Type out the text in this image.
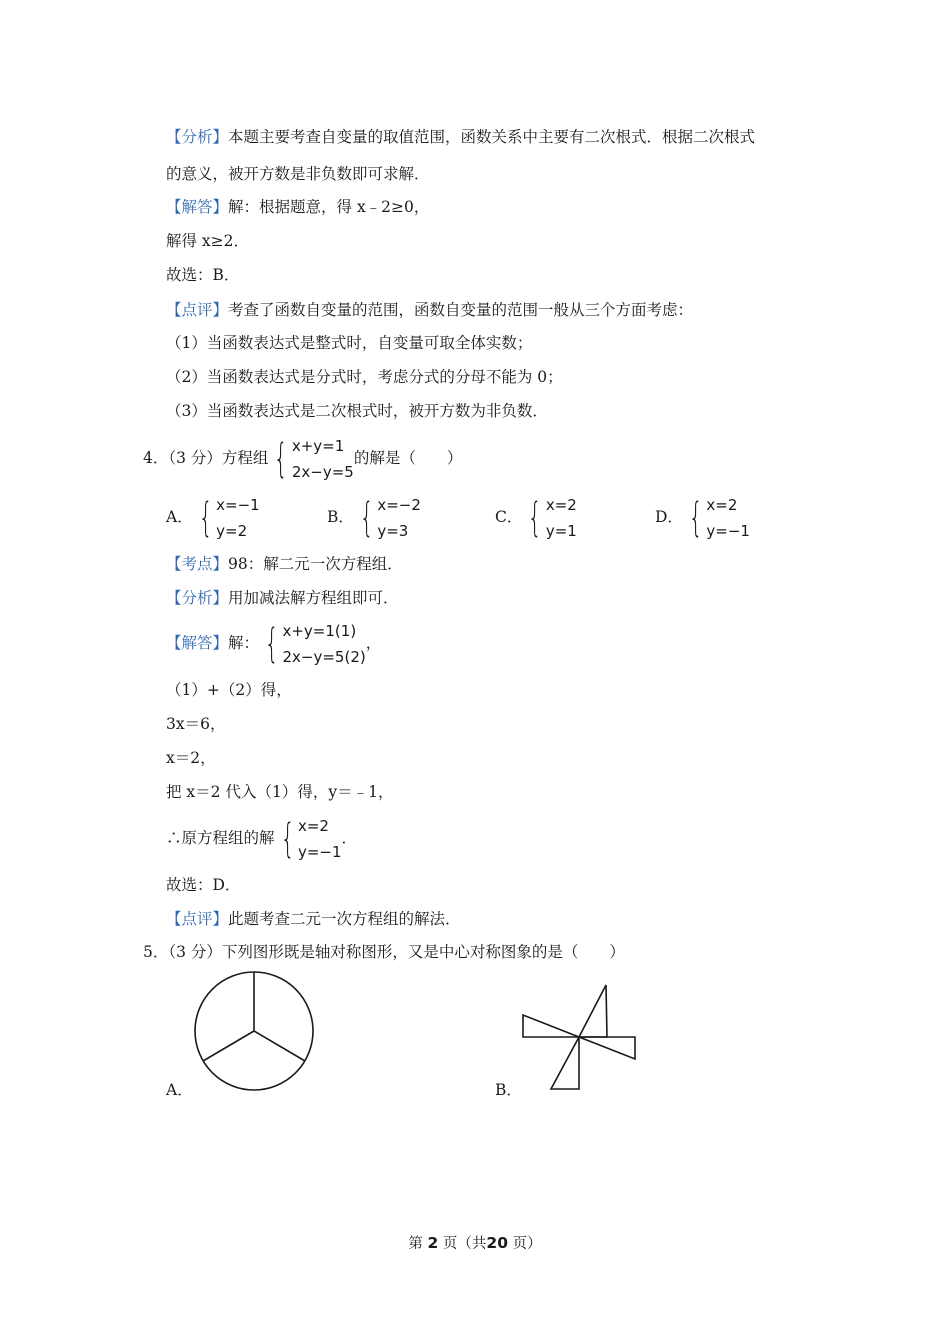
【分析】本题主要考查自变量的取值范围，函数关系中主要有二次根式．根据二次根式
的意义，被开方数是非负数即可求解．
【解答】解：根据题意，得 x﹣2≥0，
解得 x≥2．
故选：B．
【点评】考查了函数自变量的范围，函数自变量的范围一般从三个方面考虑：
（1）当函数表达式是整式时，自变量可取全体实数；
（2）当函数表达式是分式时，考虑分式的分母不能为 0；
（3）当函数表达式是二次根式时，被开方数为非负数．
4．（3 分）方程组 { x+y=1
2x−y=5
的解是（　　）
A． { x=−1
y=2
B． { x=−2
y=3
C． { x=2
y=1
D． { x=2
y=−1
【考点】98：解二元一次方程组．
【分析】用加减法解方程组即可．
【解答】解： { x+y=1(1)
2x−y=5(2)
，
（1）+（2）得，
3x＝6，
x＝2，
把 x＝2 代入（1）得，y＝﹣1，
∴原方程组的解 { x=2
y=−1
．
故选：D．
【点评】此题考查二元一次方程组的解法．
5．（3 分）下列图形既是轴对称图形，又是中心对称图象的是（　　）
A．	B．
第 2 页（共20 页）
